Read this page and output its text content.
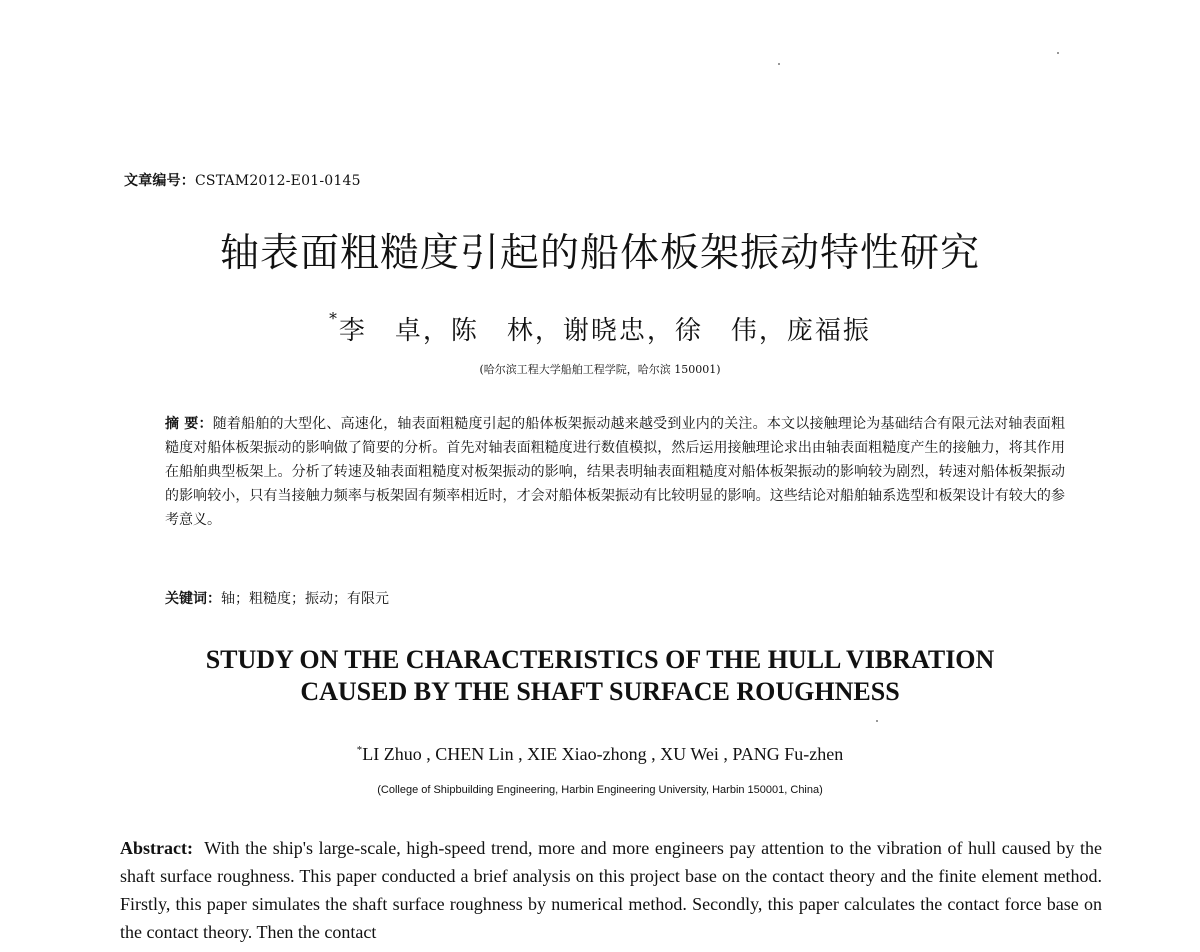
文章编号：CSTAM2012-E01-0145
轴表面粗糙度引起的船体板架振动特性研究
*李　卓，陈　林，谢晓忠，徐　伟，庞福振
(哈尔滨工程大学船舶工程学院，哈尔滨 150001)
摘 要：随着船舶的大型化、高速化，轴表面粗糙度引起的船体板架振动越来越受到业内的关注。本文以接触理论为基础结合有限元法对轴表面粗糙度对船体板架振动的影响做了简要的分析。首先对轴表面粗糙度进行数值模拟，然后运用接触理论求出由轴表面粗糙度产生的接触力，将其作用在船舶典型板架上。分析了转速及轴表面粗糙度对板架振动的影响，结果表明轴表面粗糙度对船体板架振动的影响较为剧烈，转速对船体板架振动的影响较小，只有当接触力频率与板架固有频率相近时，才会对船体板架振动有比较明显的影响。这些结论对船舶轴系选型和板架设计有较大的参考意义。
关键词：轴；粗糙度；振动；有限元
STUDY ON THE CHARACTERISTICS OF THE HULL VIBRATION
CAUSED BY THE SHAFT SURFACE ROUGHNESS
*LI Zhuo , CHEN Lin , XIE Xiao-zhong , XU Wei , PANG Fu-zhen
(College of Shipbuilding Engineering, Harbin Engineering University, Harbin 150001, China)
Abstract: With the ship's large-scale, high-speed trend, more and more engineers pay attention to the vibration of hull caused by the shaft surface roughness. This paper conducted a brief analysis on this project base on the contact theory and the finite element method. Firstly, this paper simulates the shaft surface roughness by numerical method. Secondly, this paper calculates the contact force base on the contact theory. Then the contact
